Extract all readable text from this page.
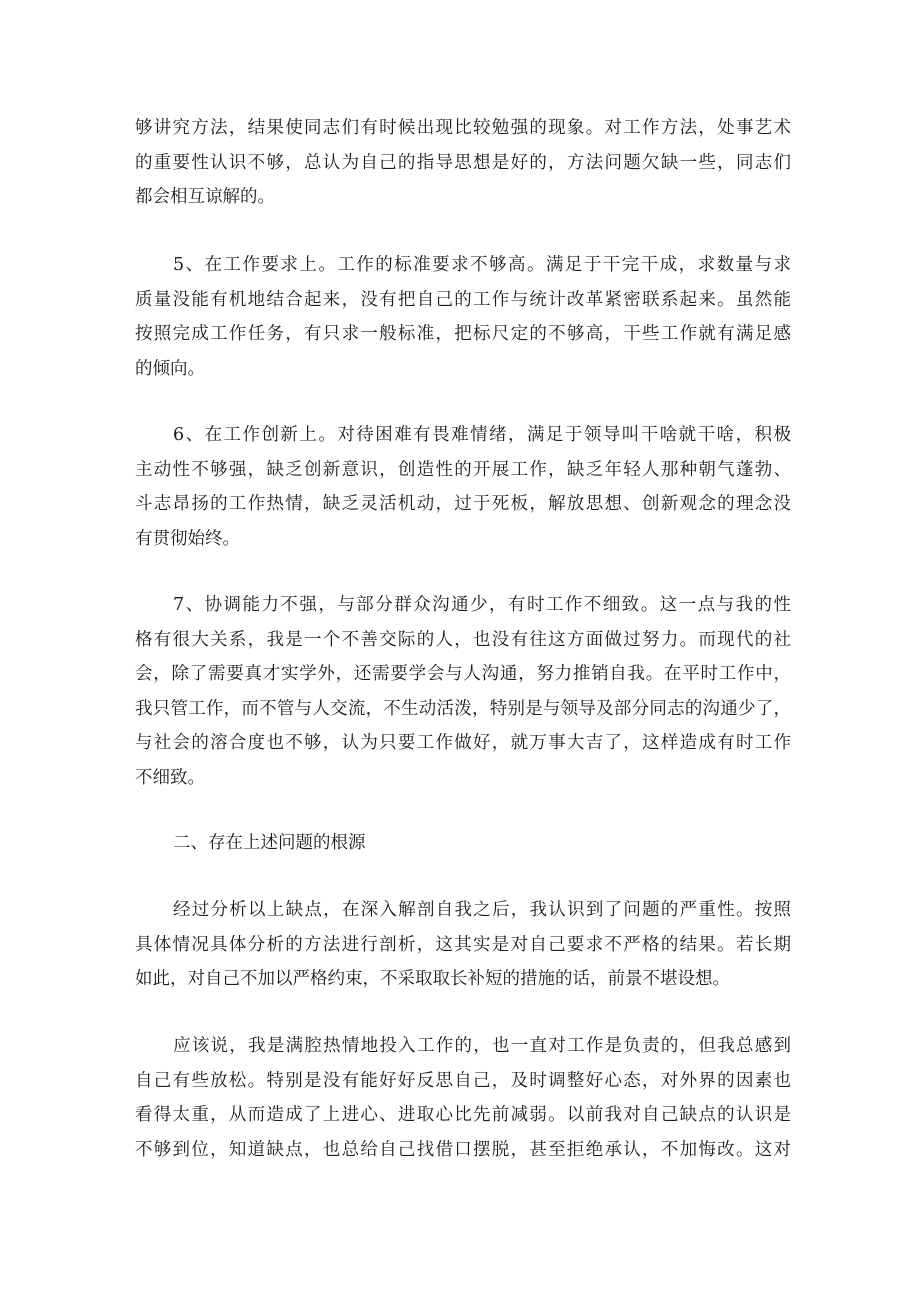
够讲究方法，结果使同志们有时候出现比较勉强的现象。对工作方法，处事艺术
的重要性认识不够，总认为自己的指导思想是好的，方法问题欠缺一些，同志们
都会相互谅解的。
5、在工作要求上。工作的标准要求不够高。满足于干完干成，求数量与求
质量没能有机地结合起来，没有把自己的工作与统计改革紧密联系起来。虽然能
按照完成工作任务，有只求一般标准，把标尺定的不够高，干些工作就有满足感
的倾向。
6、在工作创新上。对待困难有畏难情绪，满足于领导叫干啥就干啥，积极
主动性不够强，缺乏创新意识，创造性的开展工作，缺乏年轻人那种朝气蓬勃、
斗志昂扬的工作热情，缺乏灵活机动，过于死板，解放思想、创新观念的理念没
有贯彻始终。
7、协调能力不强，与部分群众沟通少，有时工作不细致。这一点与我的性
格有很大关系，我是一个不善交际的人，也没有往这方面做过努力。而现代的社
会，除了需要真才实学外，还需要学会与人沟通，努力推销自我。在平时工作中，
我只管工作，而不管与人交流，不生动活泼，特别是与领导及部分同志的沟通少了，
与社会的溶合度也不够，认为只要工作做好，就万事大吉了，这样造成有时工作
不细致。
二、存在上述问题的根源
经过分析以上缺点，在深入解剖自我之后，我认识到了问题的严重性。按照
具体情况具体分析的方法进行剖析，这其实是对自己要求不严格的结果。若长期
如此，对自己不加以严格约束，不采取取长补短的措施的话，前景不堪设想。
应该说，我是满腔热情地投入工作的，也一直对工作是负责的，但我总感到
自己有些放松。特别是没有能好好反思自己，及时调整好心态，对外界的因素也
看得太重，从而造成了上进心、进取心比先前减弱。以前我对自己缺点的认识是
不够到位，知道缺点，也总给自己找借口摆脱，甚至拒绝承认，不加悔改。这对
